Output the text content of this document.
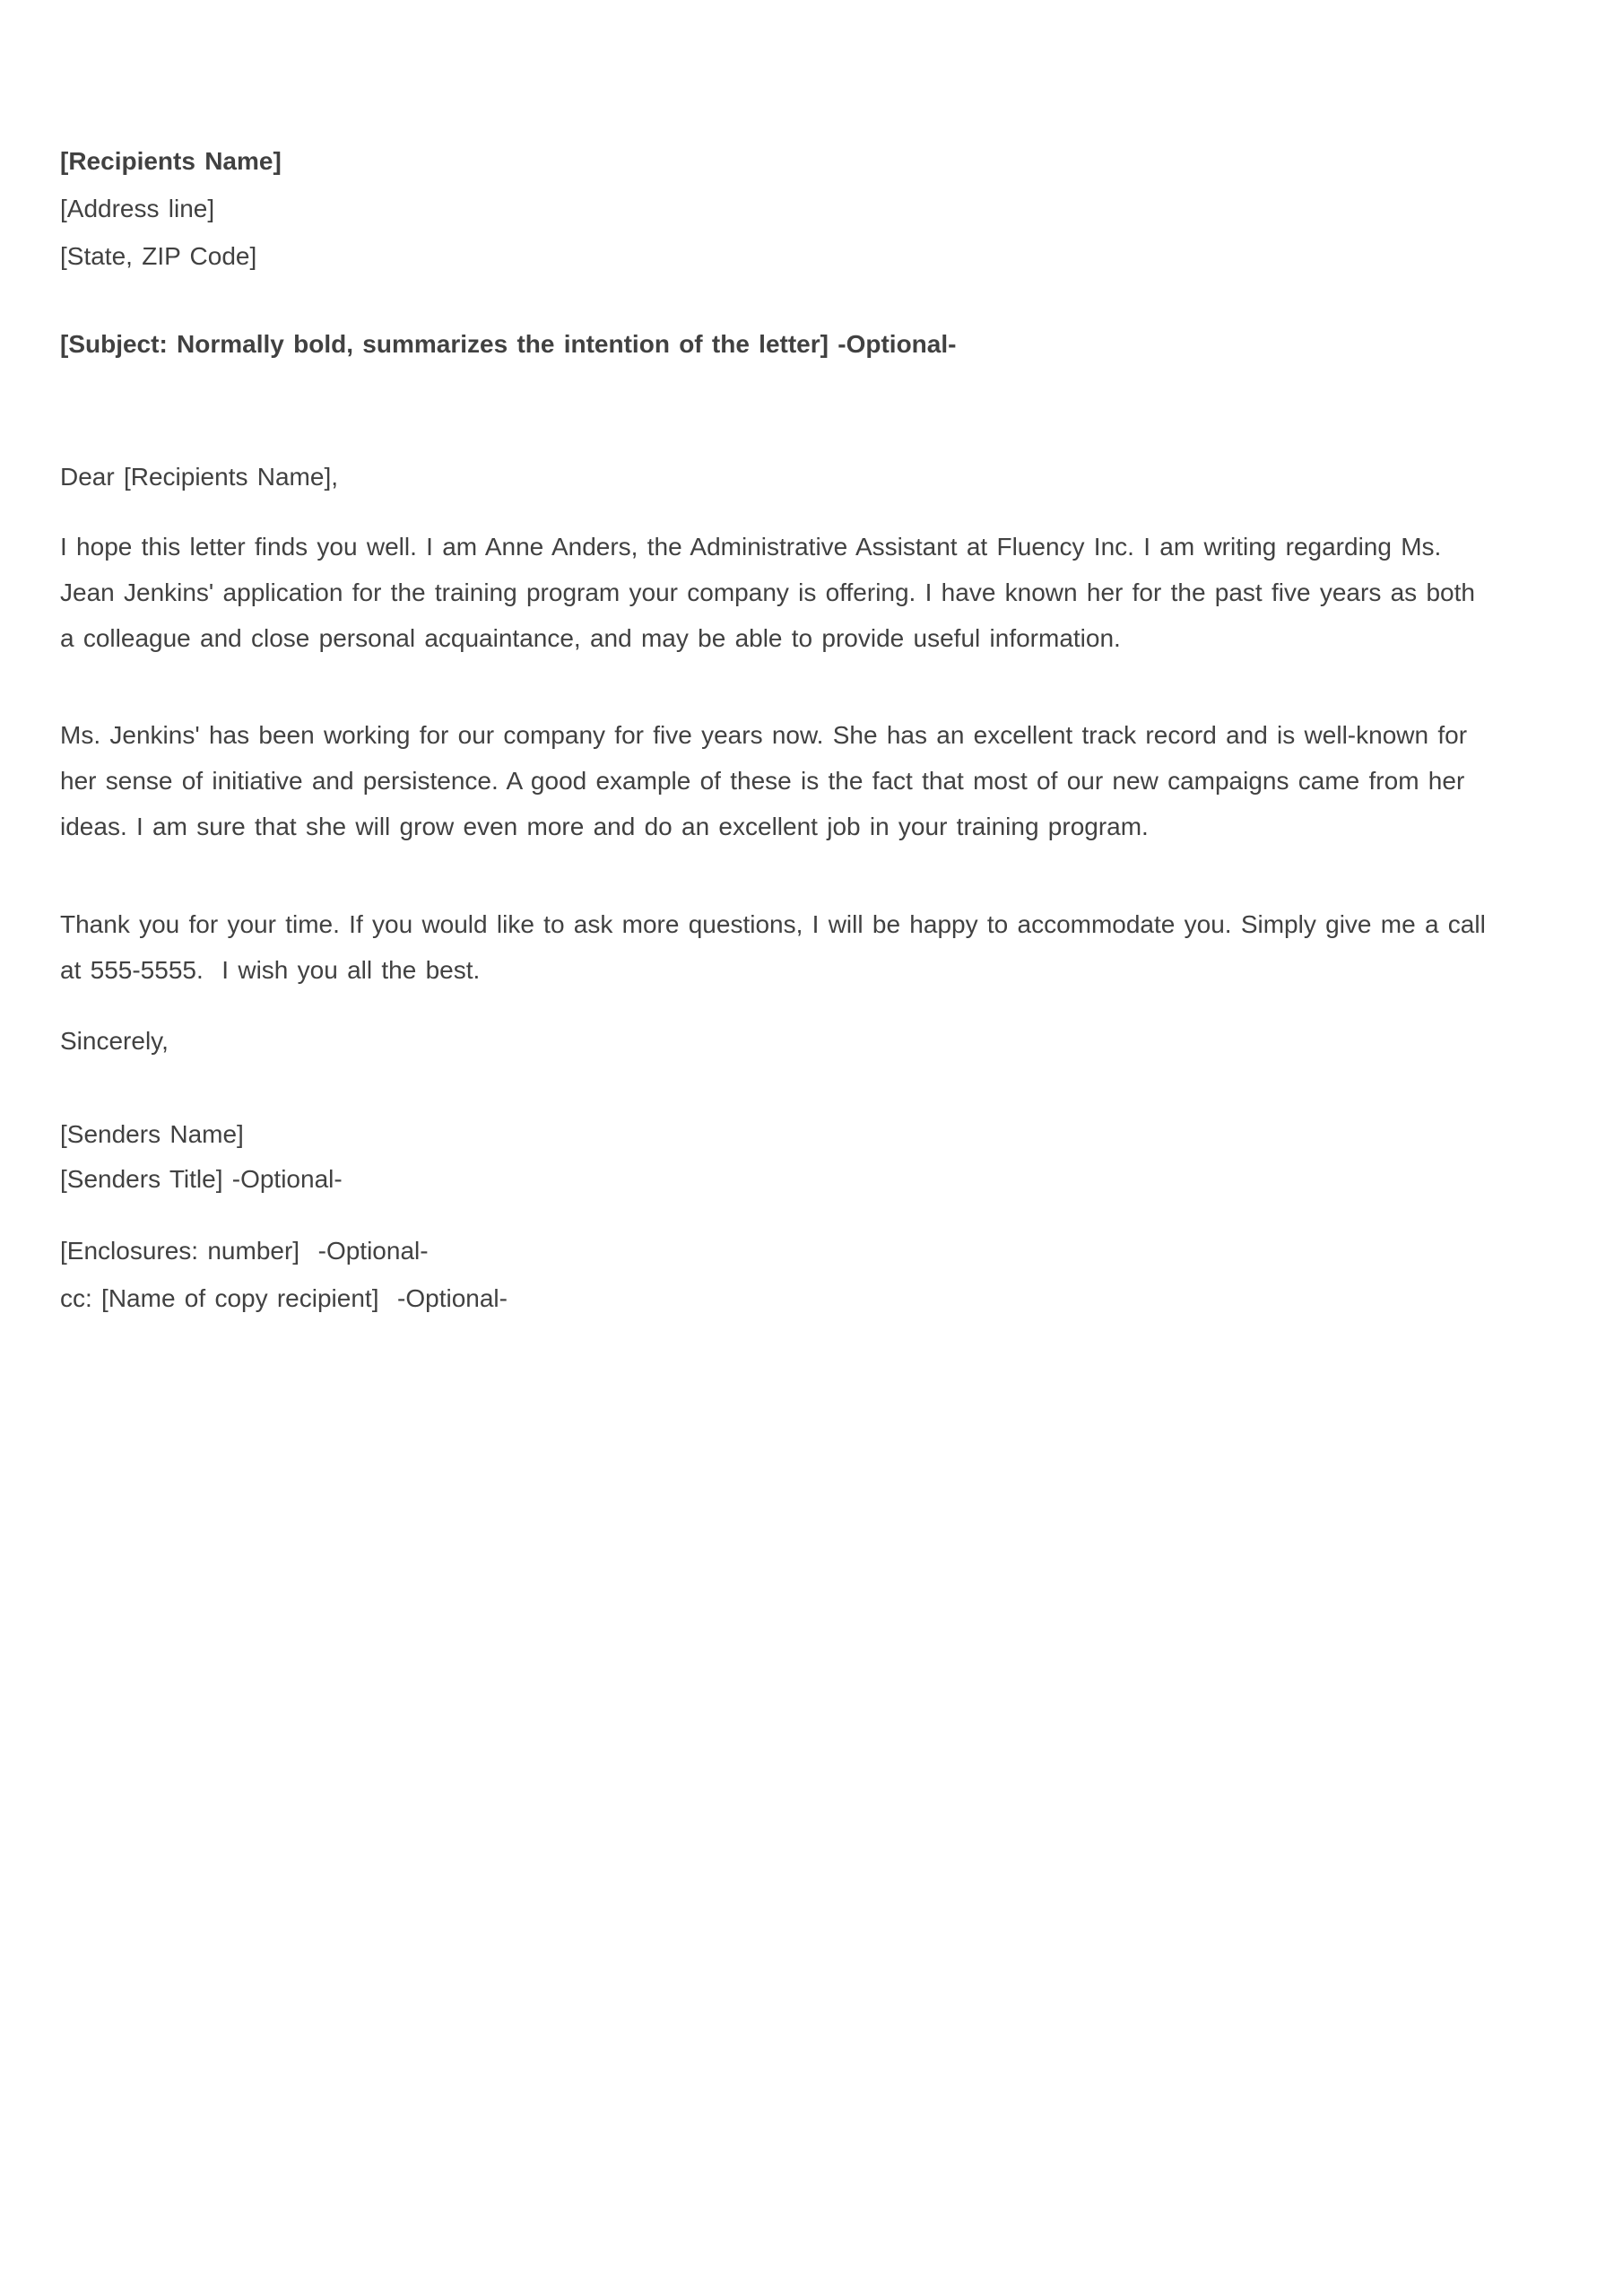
[Recipients Name]
[Address line]
[State, ZIP Code]
[Subject: Normally bold, summarizes the intention of the letter] -Optional-
Dear [Recipients Name],
I hope this letter finds you well. I am Anne Anders, the Administrative Assistant at Fluency Inc. I am writing regarding Ms.
Jean Jenkins' application for the training program your company is offering. I have known her for the past five years as both
a colleague and close personal acquaintance, and may be able to provide useful information.
Ms. Jenkins' has been working for our company for five years now. She has an excellent track record and is well-known for
her sense of initiative and persistence. A good example of these is the fact that most of our new campaigns came from her
ideas. I am sure that she will grow even more and do an excellent job in your training program.
Thank you for your time. If you would like to ask more questions, I will be happy to accommodate you. Simply give me a call
at 555-5555.  I wish you all the best.
Sincerely,
[Senders Name]
[Senders Title] -Optional-
[Enclosures: number]  -Optional-
cc: [Name of copy recipient]  -Optional-
